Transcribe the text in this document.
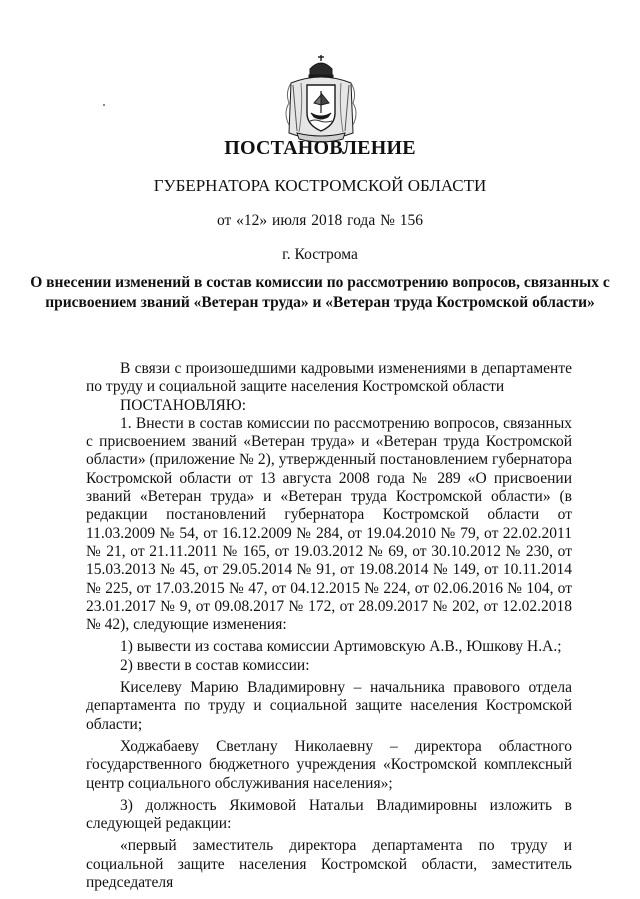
ПОСТАНОВЛЕНИЕ
ГУБЕРНАТОРА КОСТРОМСКОЙ ОБЛАСТИ
от «12» июля 2018 года № 156
г. Кострома
О внесении изменений в состав комиссии по рассмотрению вопросов, связанных с присвоением званий «Ветеран труда» и «Ветеран труда Костромской области»

В связи с произошедшими кадровыми изменениями в департаменте по труду и социальной защите населения Костромской области

ПОСТАНОВЛЯЮ:

1. Внести в состав комиссии по рассмотрению вопросов, связанных с присвоением званий «Ветеран труда» и «Ветеран труда Костромской области» (приложение № 2), утвержденный постановлением губернатора Костромской области от 13 августа 2008 года № 289 «О присвоении званий «Ветеран труда» и «Ветеран труда Костромской области» (в редакции постановлений губернатора Костромской области от 11.03.2009 № 54, от 16.12.2009 № 284, от 19.04.2010 № 79, от 22.02.2011 № 21, от 21.11.2011 № 165, от 19.03.2012 № 69, от 30.10.2012 № 230, от 15.03.2013 № 45, от 29.05.2014 № 91, от 19.08.2014 № 149, от 10.11.2014 № 225, от 17.03.2015 № 47, от 04.12.2015 № 224, от 02.06.2016 № 104, от 23.01.2017 № 9, от 09.08.2017 № 172, от 28.09.2017 № 202, от 12.02.2018 № 42), следующие изменения:

1) вывести из состава комиссии Артимовскую А.В., Юшкову Н.А.;

2) ввести в состав комиссии:

Киселеву Марию Владимировну – начальника правового отдела департамента по труду и социальной защите населения Костромской области;

Ходжабаеву Светлану Николаевну – директора областного государственного бюджетного учреждения «Костромской комплексный центр социального обслуживания населения»;

3) должность Якимовой Натальи Владимировны изложить в следующей редакции:

«первый заместитель директора департамента по труду и социальной защите населения Костромской области, заместитель председателя
